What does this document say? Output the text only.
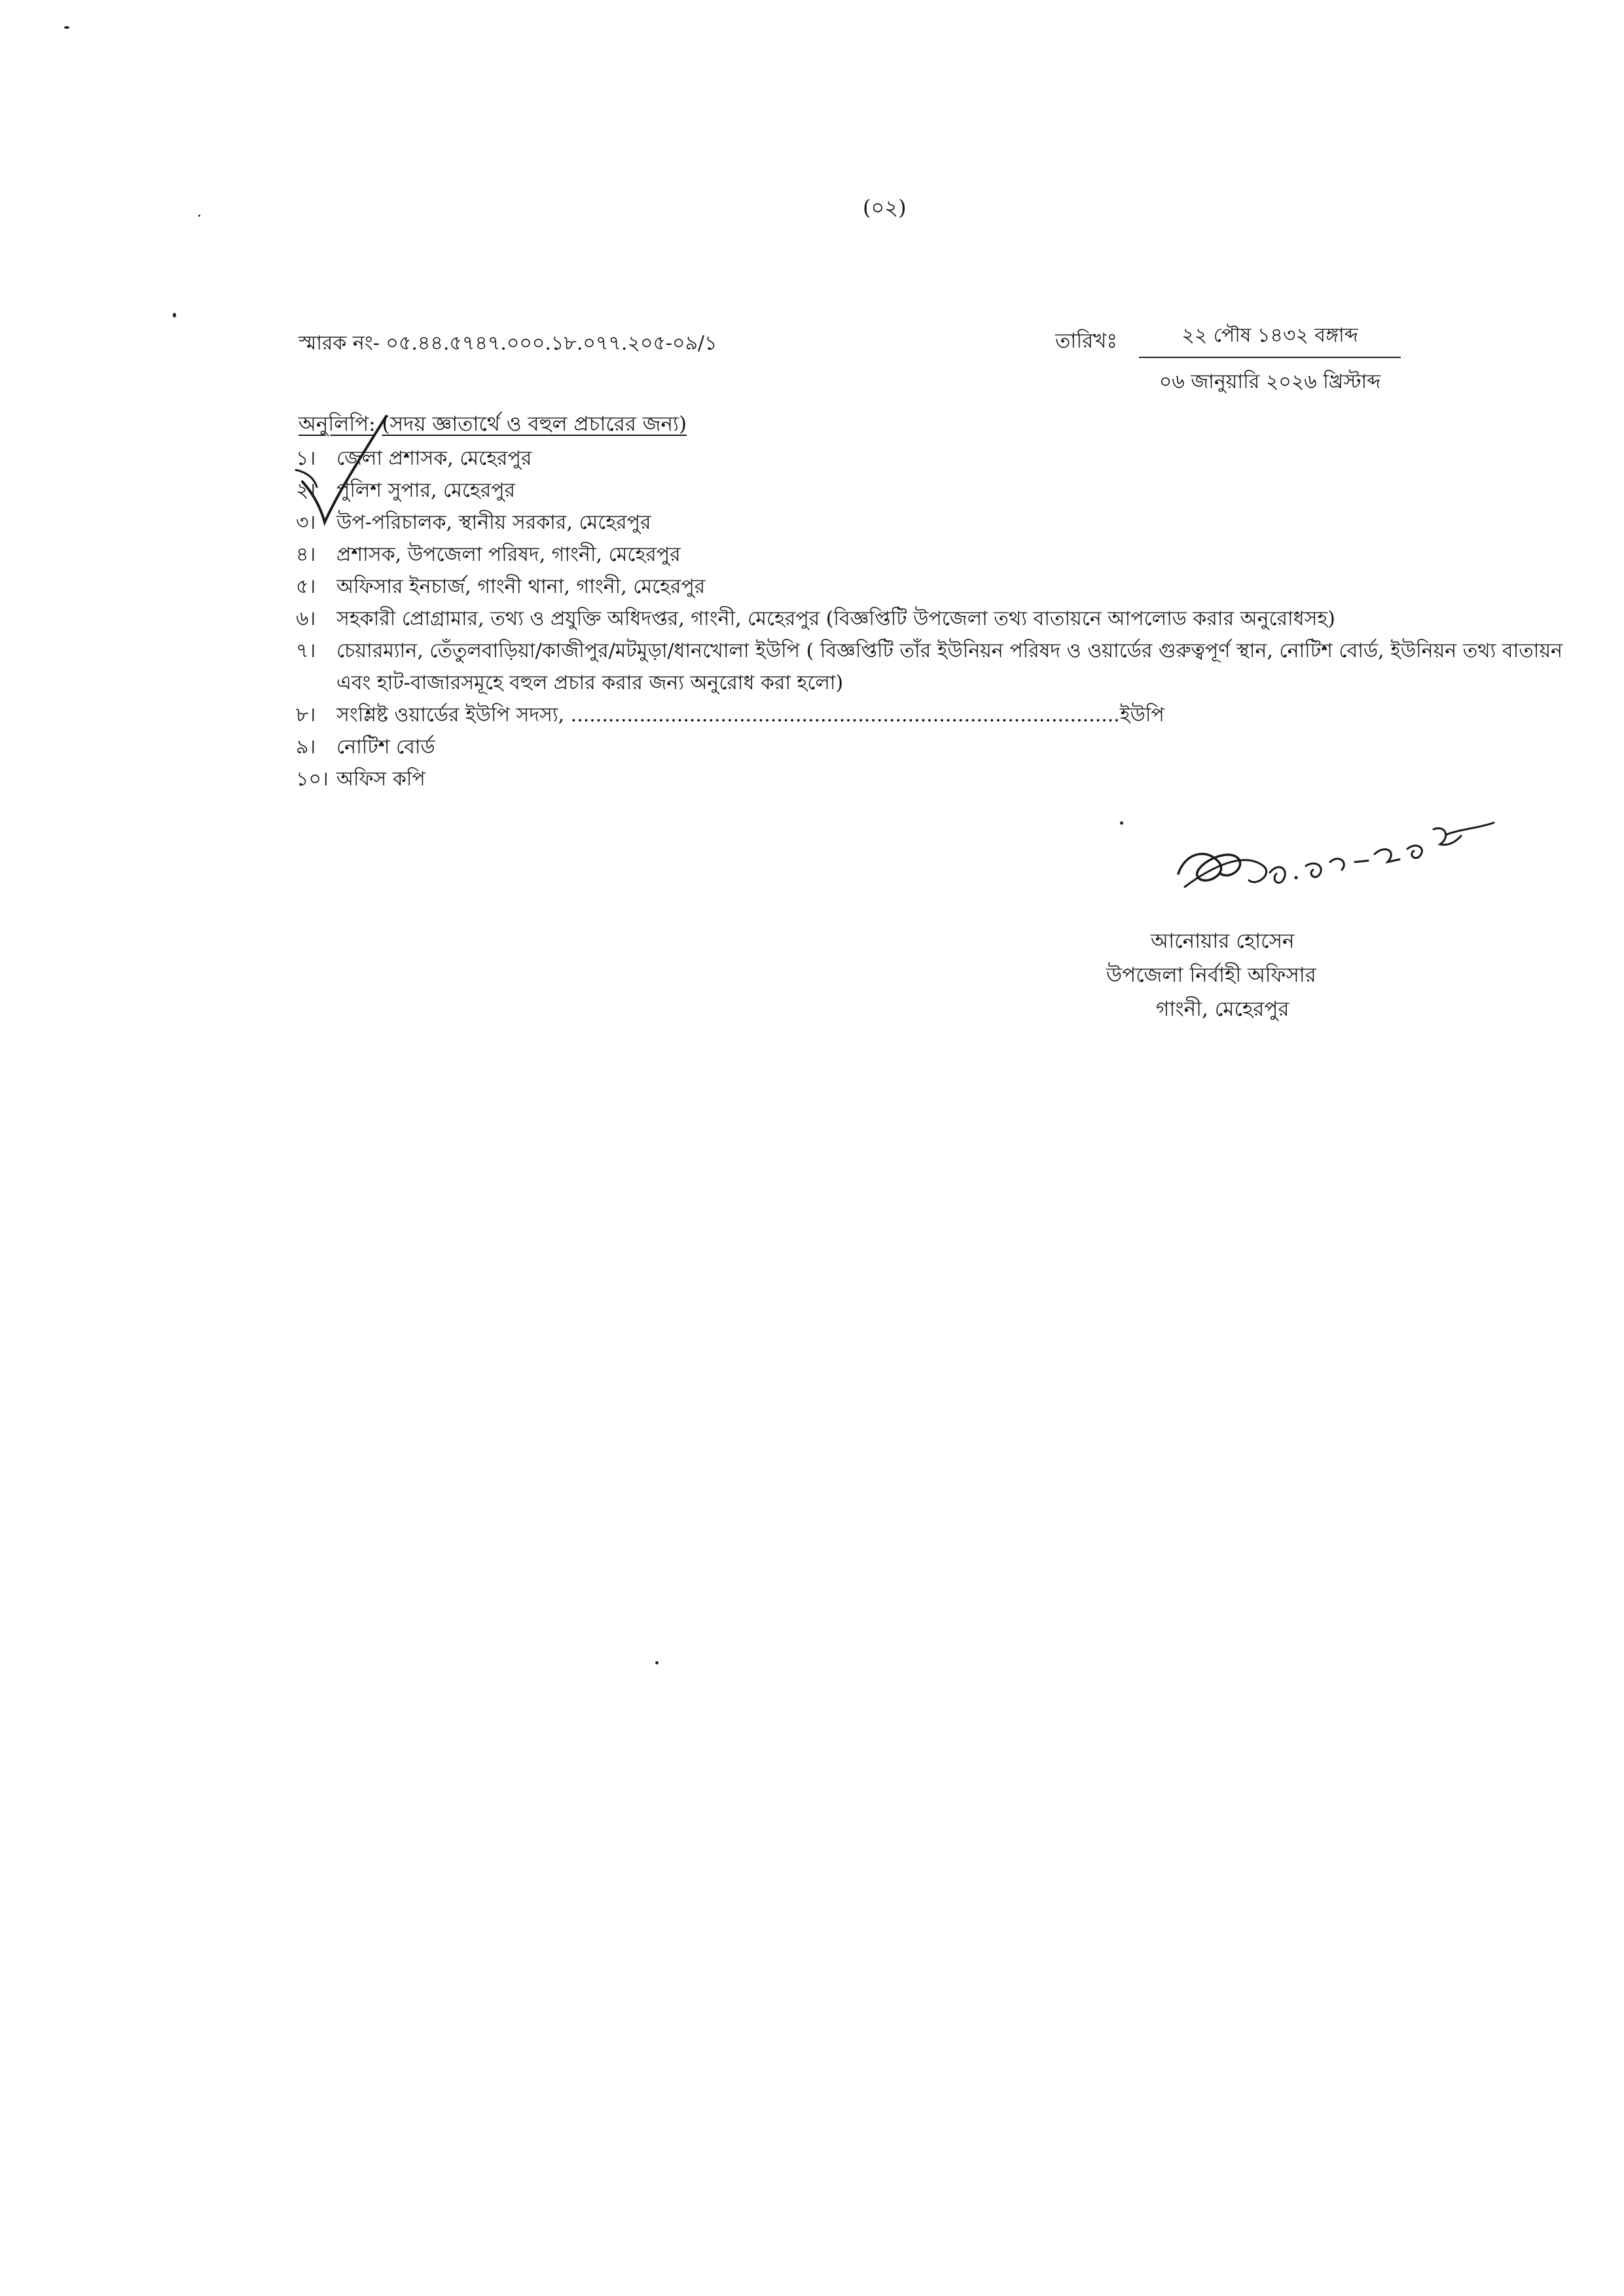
(০২)
স্মারক নং- ০৫.৪৪.৫৭৪৭.০০০.১৮.০৭৭.২০৫-০৯/১	তারিখঃ	২২ পৌষ ১৪৩২ বঙ্গাব্দ
০৬ জানুয়ারি ২০২৬ খ্রিস্টাব্দ
অনুলিপি: (সদয় জ্ঞাতার্থে ও বহুল প্রচারের জন্য)
১।	জেলা প্রশাসক, মেহেরপুর
২।	পুলিশ সুপার, মেহেরপুর
৩।	উপ-পরিচালক, স্থানীয় সরকার, মেহেরপুর
৪।	প্রশাসক, উপজেলা পরিষদ, গাংনী, মেহেরপুর
৫।	অফিসার ইনচার্জ, গাংনী থানা, গাংনী, মেহেরপুর
৬।	সহকারী প্রোগ্রামার, তথ্য ও প্রযুক্তি অধিদপ্তর, গাংনী, মেহেরপুর (বিজ্ঞপ্তিটি উপজেলা তথ্য বাতায়নে আপলোড করার অনুরোধসহ)
৭।	চেয়ারম্যান, তেঁতুলবাড়িয়া/কাজীপুর/মটমুড়া/ধানখোলা ইউপি ( বিজ্ঞপ্তিটি তাঁর ইউনিয়ন পরিষদ ও ওয়ার্ডের গুরুত্বপূর্ণ স্থান, নোটিশ বোর্ড, ইউনিয়ন তথ্য বাতায়ন এবং হাট-বাজারসমূহে বহুল প্রচার করার জন্য অনুরোধ করা হলো)
৮।	সংশ্লিষ্ট ওয়ার্ডের ইউপি সদস্য, ........................................................................................ইউপি
৯।	নোটিশ বোর্ড
১০। অফিস কপি
আনোয়ার হোসেন
উপজেলা নির্বাহী অফিসার
গাংনী, মেহেরপুর
